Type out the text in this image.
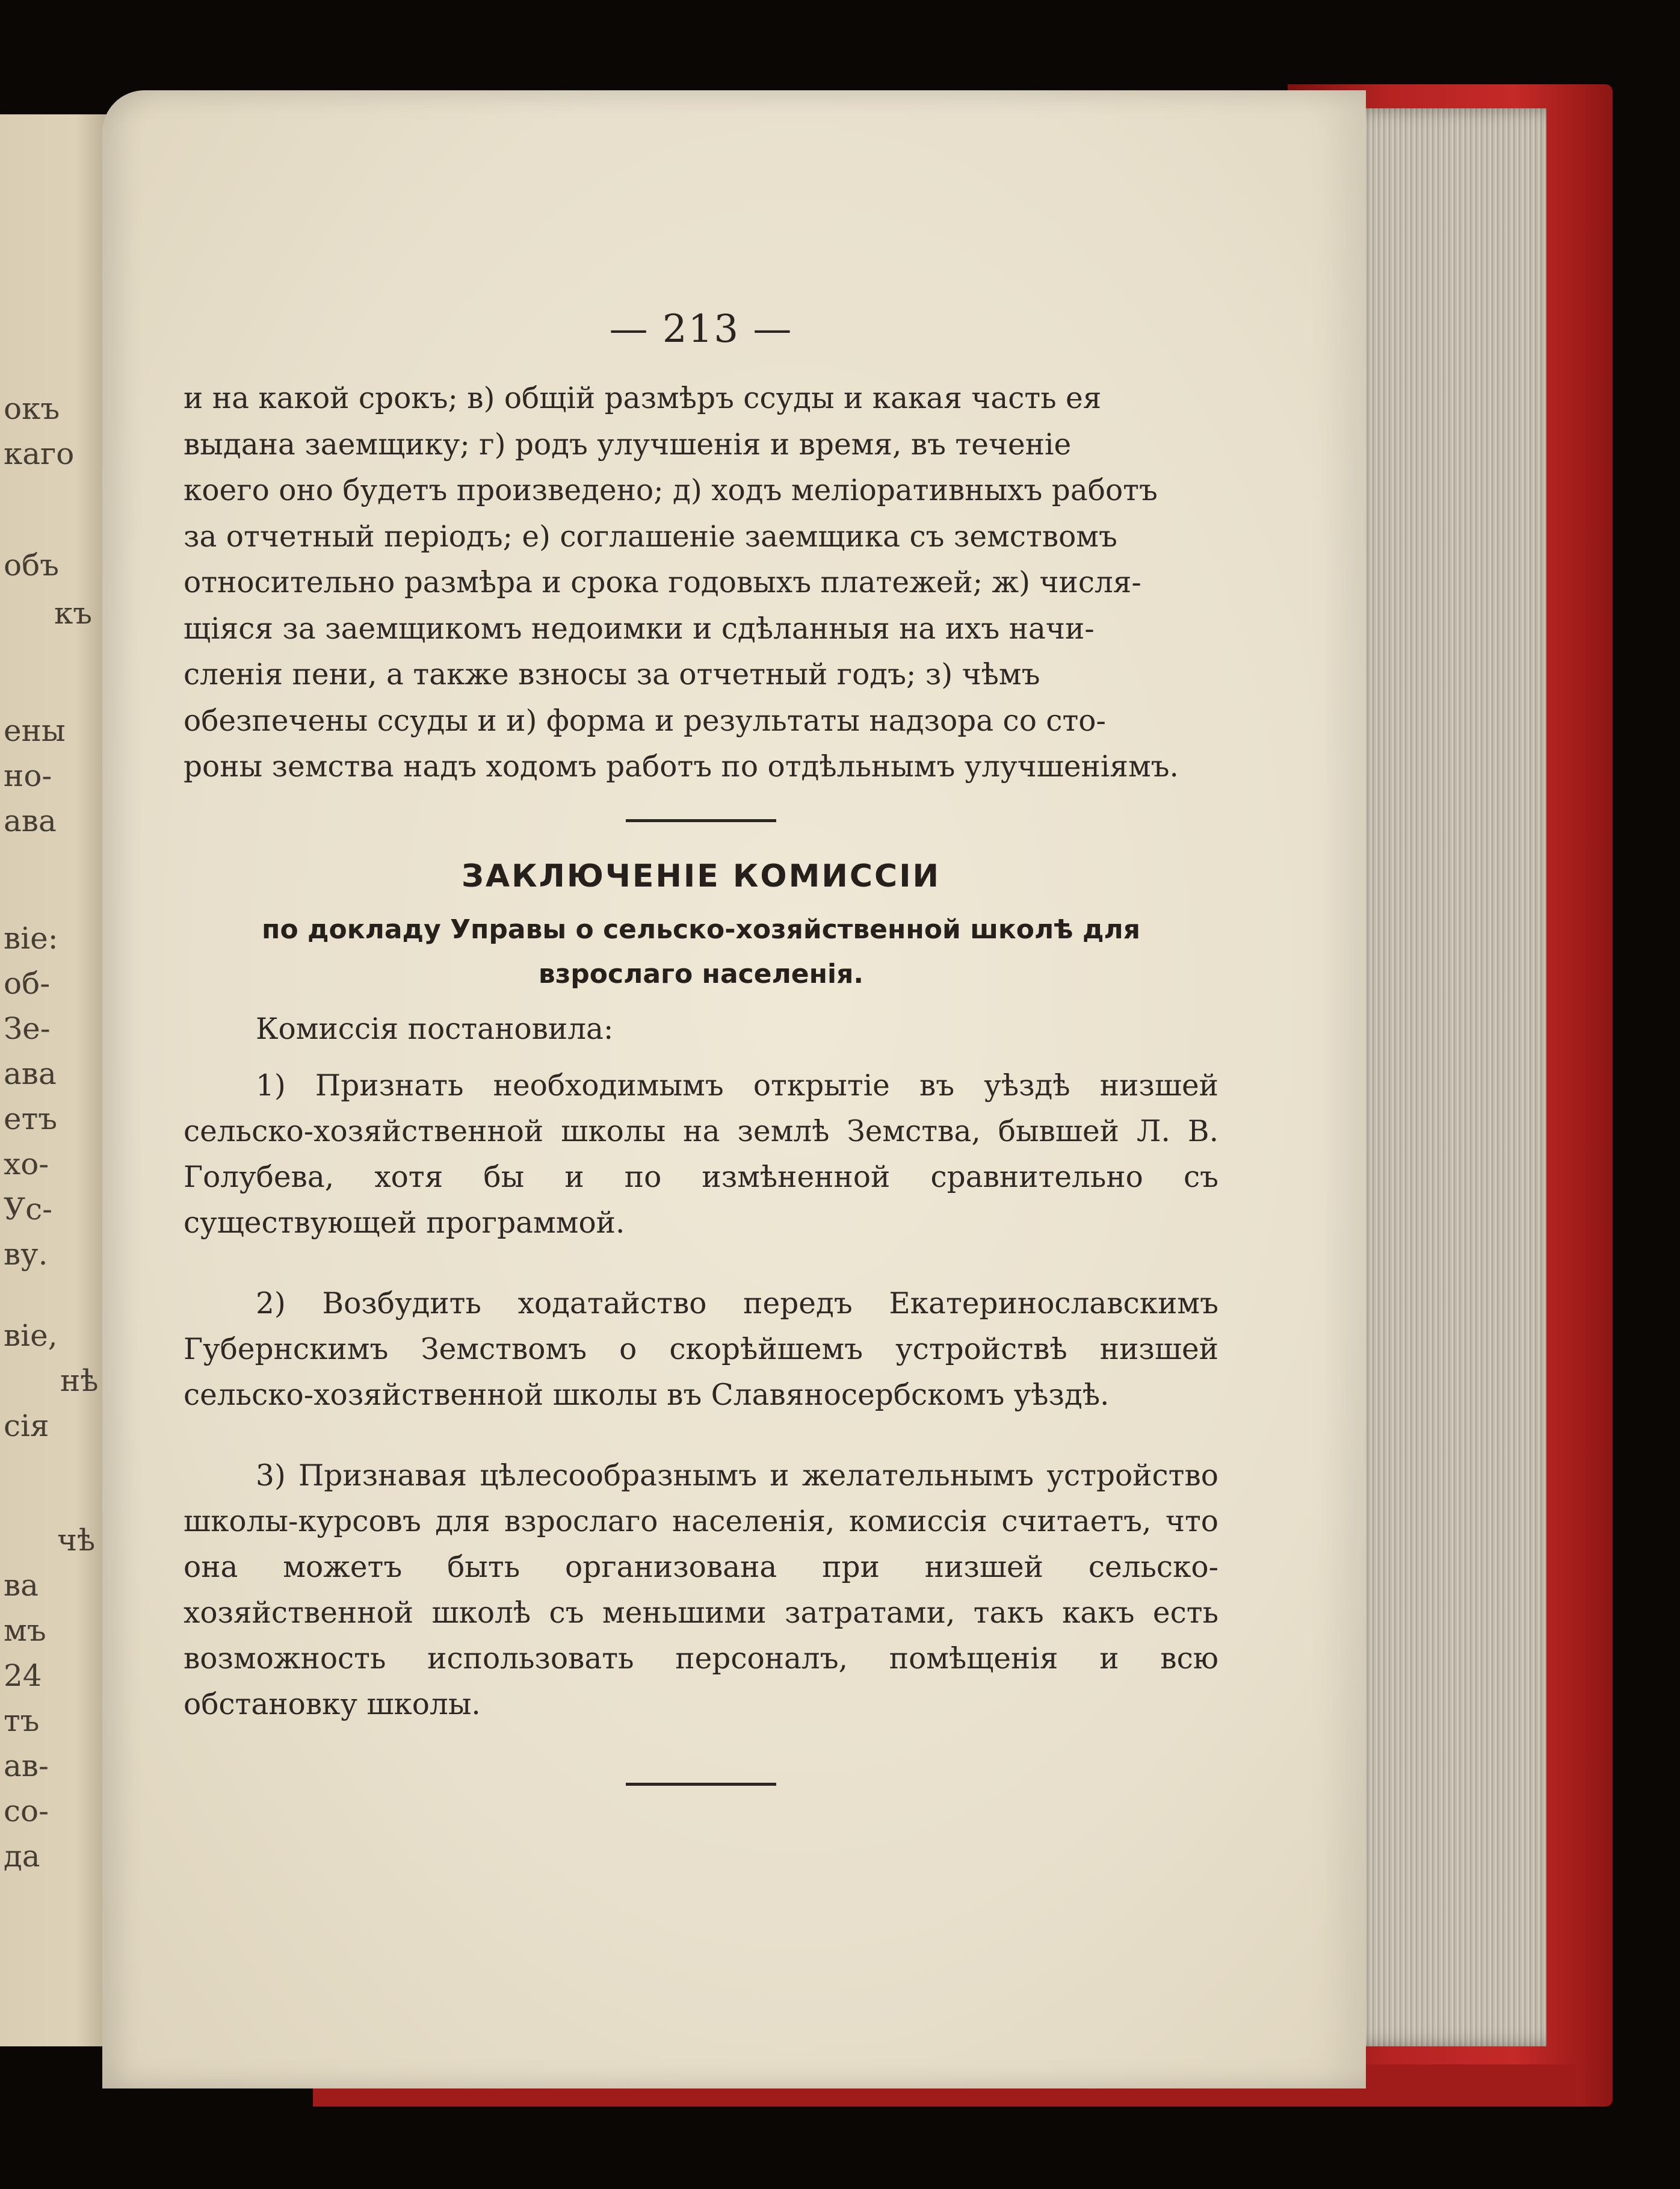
окъ
каго
объ
къ
ены
но-
ава
віе:
об-
Зе-
ава
етъ
хо-
Ус-
ву.
віе,
нѣ
сія
чѣ
ва
мъ
24
тъ
ав-
со-
да
— 213 —

и на какой срокъ; в) общій размѣръ ссуды и какая часть ея

выдана заемщику; г) родъ улучшенія и время, въ теченіе

коего оно будетъ произведено; д) ходъ меліоративныхъ работъ

за отчетный періодъ; е) соглашеніе заемщика съ земствомъ

относительно размѣра и срока годовыхъ платежей; ж) числя-

щіяся за заемщикомъ недоимки и сдѣланныя на ихъ начи-

сленія пени, а также взносы за отчетный годъ; з) чѣмъ

обезпечены ссуды и и) форма и результаты надзора со сто-

роны земства надъ ходомъ работъ по отдѣльнымъ улучшеніямъ.

ЗАКЛЮЧЕНІЕ КОМИССІИ
по докладу Управы о сельско-хозяйственной школѣ для взрослаго населенія.
Комиссія постановила:

1) Признать необходимымъ открытіе въ уѣздѣ низшей сельско-хозяйственной школы на землѣ Земства, бывшей Л. В. Голубева, хотя бы и по измѣненной сравнительно съ существующей программой.

2) Возбудить ходатайство передъ Екатеринославскимъ Губернскимъ Земствомъ о скорѣйшемъ устройствѣ низшей сельско-хозяйственной школы въ Славяносербскомъ уѣздѣ.

3) Признавая цѣлесообразнымъ и желательнымъ устройство школы-курсовъ для взрослаго населенія, комиссія считаетъ, что она можетъ быть организована при низшей сельско-хозяйственной школѣ съ меньшими затратами, такъ какъ есть возможность использовать персоналъ, помѣщенія и всю обстановку школы.
